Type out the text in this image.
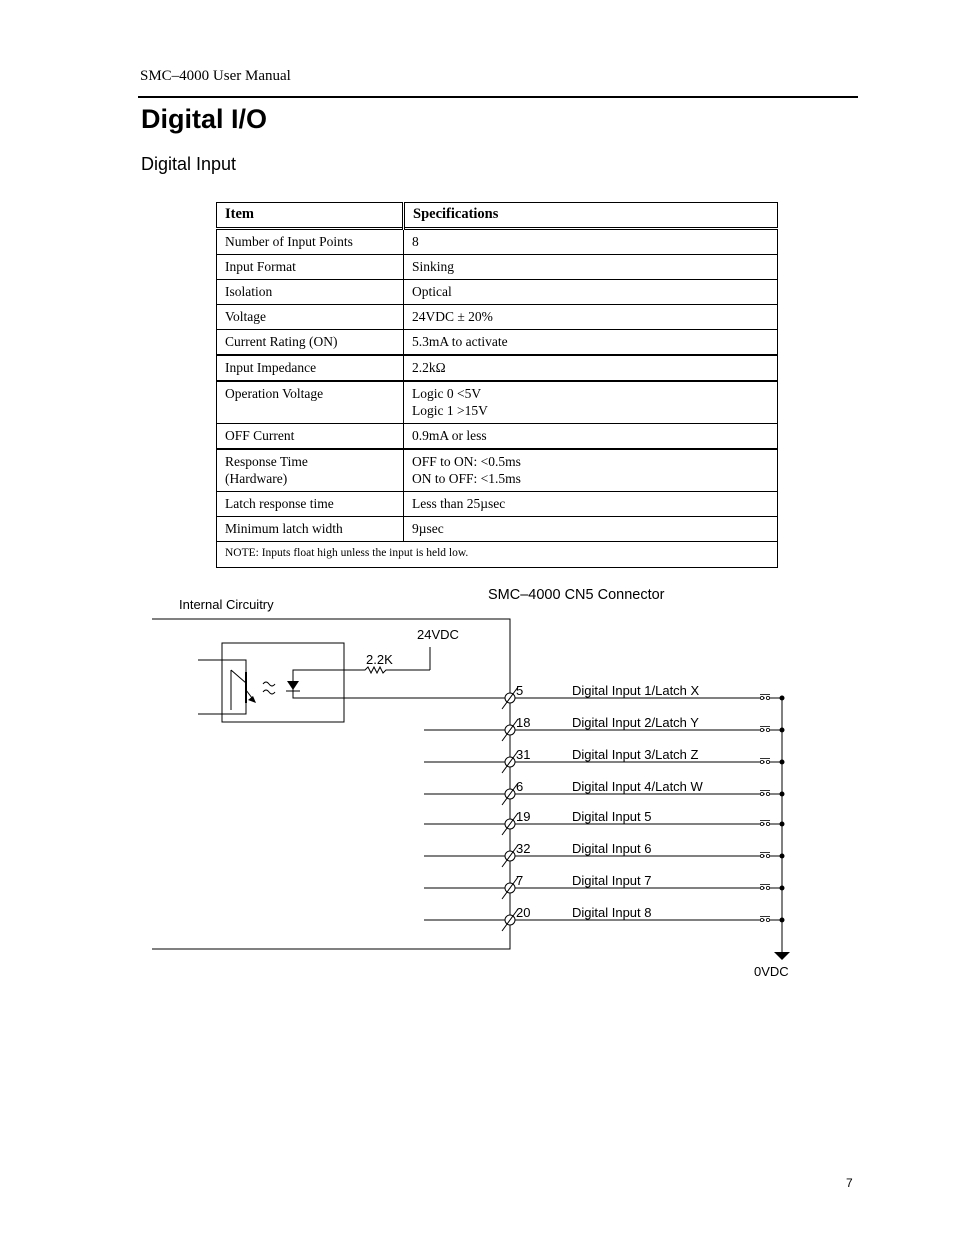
SMC–4000 User Manual
Digital I/O
Digital Input
Item	Specifications
Number of Input Points	8
Input Format	Sinking
Isolation	Optical
Voltage	24VDC ± 20%
Current Rating (ON)	5.3mA to activate
Input Impedance	2.2kΩ
Operation Voltage	Logic 0 <5V
Logic 1 >15V
OFF Current	0.9mA or less
Response Time
(Hardware)	OFF to ON: <0.5ms
ON to OFF: <1.5ms
Latch response time	Less than 25µsec
Minimum latch width	9µsec
NOTE: Inputs float high unless the input is held low.	
SMC–4000 CN5 Connector
Internal Circuitry
24VDC
2.2K
5	Digital Input 1/Latch X
18	Digital Input 2/Latch Y
31	Digital Input 3/Latch Z
6	Digital Input 4/Latch W
19	Digital Input 5
32	Digital Input 6
7	Digital Input 7
20	Digital Input 8
0VDC
7
